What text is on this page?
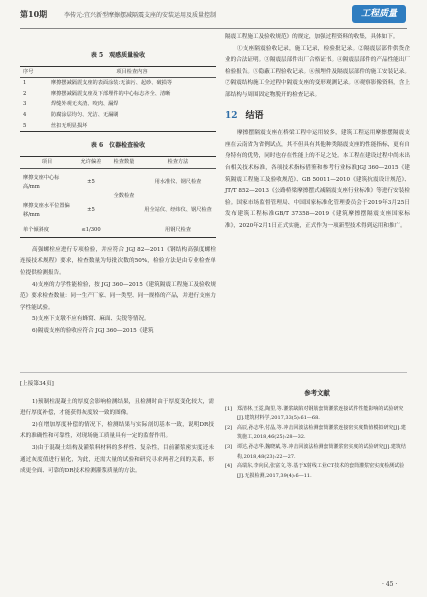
第10期	李传元:宜兴新型摩擦摆减隔震支座的安装运用及质量控制	工程质量
表 5　观感质量验收
序号	项目检查内容
1	摩擦摆减隔震支座的表面涂装:无油污、起砂、破损等
2	摩擦摆减隔震支座及下部埋件的中心标志齐全、清晰
3	焊缝外观无夹渣、咬肉、漏焊
4	防腐涂层均匀、光洁、无漏刷
5	丝扣无明显损坏
表 6　仪器检查验收
项目	允许偏差	检查数量	检查方法
摩擦支座中心标高/mm	±5	全数检查	用水准仪、钢尺检查
摩擦支座水平位置偏移/mm	±5		用全站仪、经纬仪、钢尺检查
单个倾斜度	≤1/300		用钢尺检查

高强螺栓应进行专项检验，并应符合 JGJ 82—2011《钢结构高强度螺栓连接技术规程》要求，检查数量为每批次数的50%，检验方法是由专业检查单位提供检测报告。

4)支座的力学性能检验，按 JGJ 360—2015《建筑隔震工程施工及验收规范》要求检查数量：同一生产厂家、同一类型、同一规格的产品，并进行支座力学性能试验。

5)支座下支墩不应有蜂窝、麻面、尖锐等情况。

6)隔震支座的验收应符合 JGJ 360—2015《建筑

隔震工程施工及验收规范》的规定，加强过程资料的收集，具体如下。

①支座隔震验收记录，施工记录，检验批记录。②隔震层部件供货企业的合法证明。③隔震层部件出厂合格证书。④隔震层部件的产品性能出厂检验报告。⑤隐蔽工程验收记录。⑥预埋件及隔震层部件的施工安装记录。⑦隔震结构施工全过程中隔震支座的变形观测记录。⑧观察影像资料，含上部结构与周围固定物脱开的检查记录。

12 结语

摩擦摆隔震支座在桥梁工程中运用较多，建筑工程运用摩擦摆隔震支座在云南省为省例试点，其不但具有其他种类隔震支座的性能指标，更有自身特有的优势，同时也存在性能上的不足之处。本工程在建设过程中尚未出台相关技术标准，各项技术指标借鉴和参考行业标准JGJ 360—2015《建筑隔震工程施工及验收规范》、GB 50011—2010《建筑抗震设计规范》、JT/T 852—2013《公路桥梁摩擦摆式减隔震支座行业标准》等进行安装检验。国家市场监督管理局、中国国家标准化管理委员会于2019年3月25日发布建筑工程标准GB/T 37358—2019《建筑摩擦摆隔震支座国家标准》，2020年2月1日正式实施，正式作为一项新型技术得到运用和推广。

[上接第34页]

1)预制柱混凝土的厚度会影响检测结果，且检测时由于厚度变化较大，需进行厚度补偿，才能获得灰度较一致的图像。

2)在增加厚度补偿的情况下，检测结果与实际剖切基本一致，说明DR技术的准确性和可靠性，对现场施工质量具有一定的监督作用。

3)由于混凝土结构及灌浆料材料的多样性、复杂性，目前灌浆密实度还未通过灰度值进行量化，为此，还需大量的试验和研究寻求两者之间的关系，形成更全面、可靠的DR技术检测灌浆质量的方法。

参考文献
[1] 郑清林,王霓,陶里,等.灌浆缺陷对钢筋套筒灌浆连接试件性能影响的试验研究[J].建筑材料学,2017,33(5):61—68.
[2] 高辰,孙志华,付晶,等.冲击回波法检测套筒灌浆连接密实度数值模拟研究[J].建筑施工,2018,46(25):28—32.
[3] 谭达,孙志华,魏晓斌,等.冲击回波法检测套筒灌浆密实度的试验研究[J].建筑结构,2018,48(23):22—27.
[4] 高瑞东,李向民,张富文,等.基于X射线工业CT技术的套筒灌浆密实度检测试验[J].无损检测,2017,39(4):6—11.
· 45 ·
